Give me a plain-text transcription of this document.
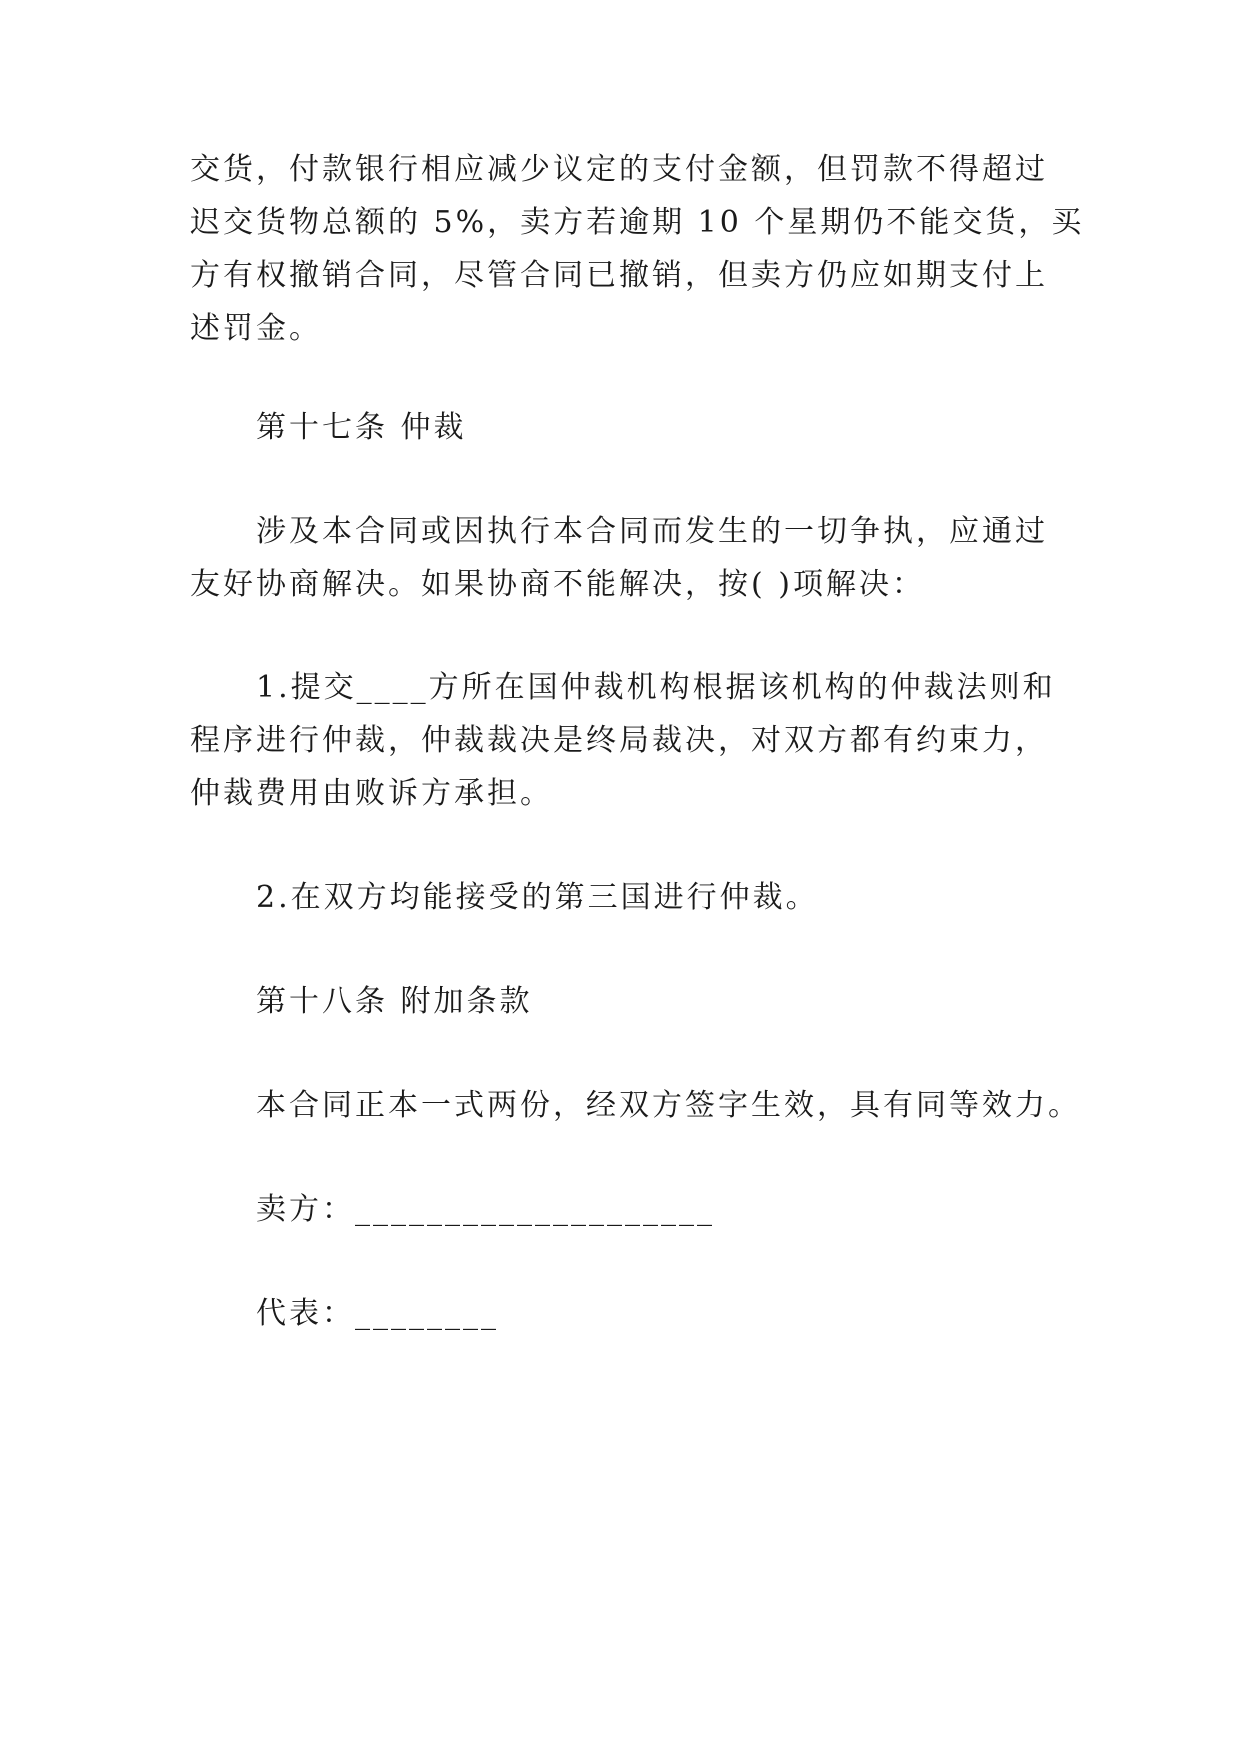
交货，付款银行相应减少议定的支付金额，但罚款不得超过
迟交货物总额的 5%，卖方若逾期 10 个星期仍不能交货，买
方有权撤销合同，尽管合同已撤销，但卖方仍应如期支付上
述罚金。
第十七条 仲裁
涉及本合同或因执行本合同而发生的一切争执，应通过
友好协商解决。如果协商不能解决，按( )项解决：
1.提交____方所在国仲裁机构根据该机构的仲裁法则和
程序进行仲裁，仲裁裁决是终局裁决，对双方都有约束力，
仲裁费用由败诉方承担。
2.在双方均能接受的第三国进行仲裁。
第十八条 附加条款
本合同正本一式两份，经双方签字生效，具有同等效力。
卖方：____________________
代表：________
